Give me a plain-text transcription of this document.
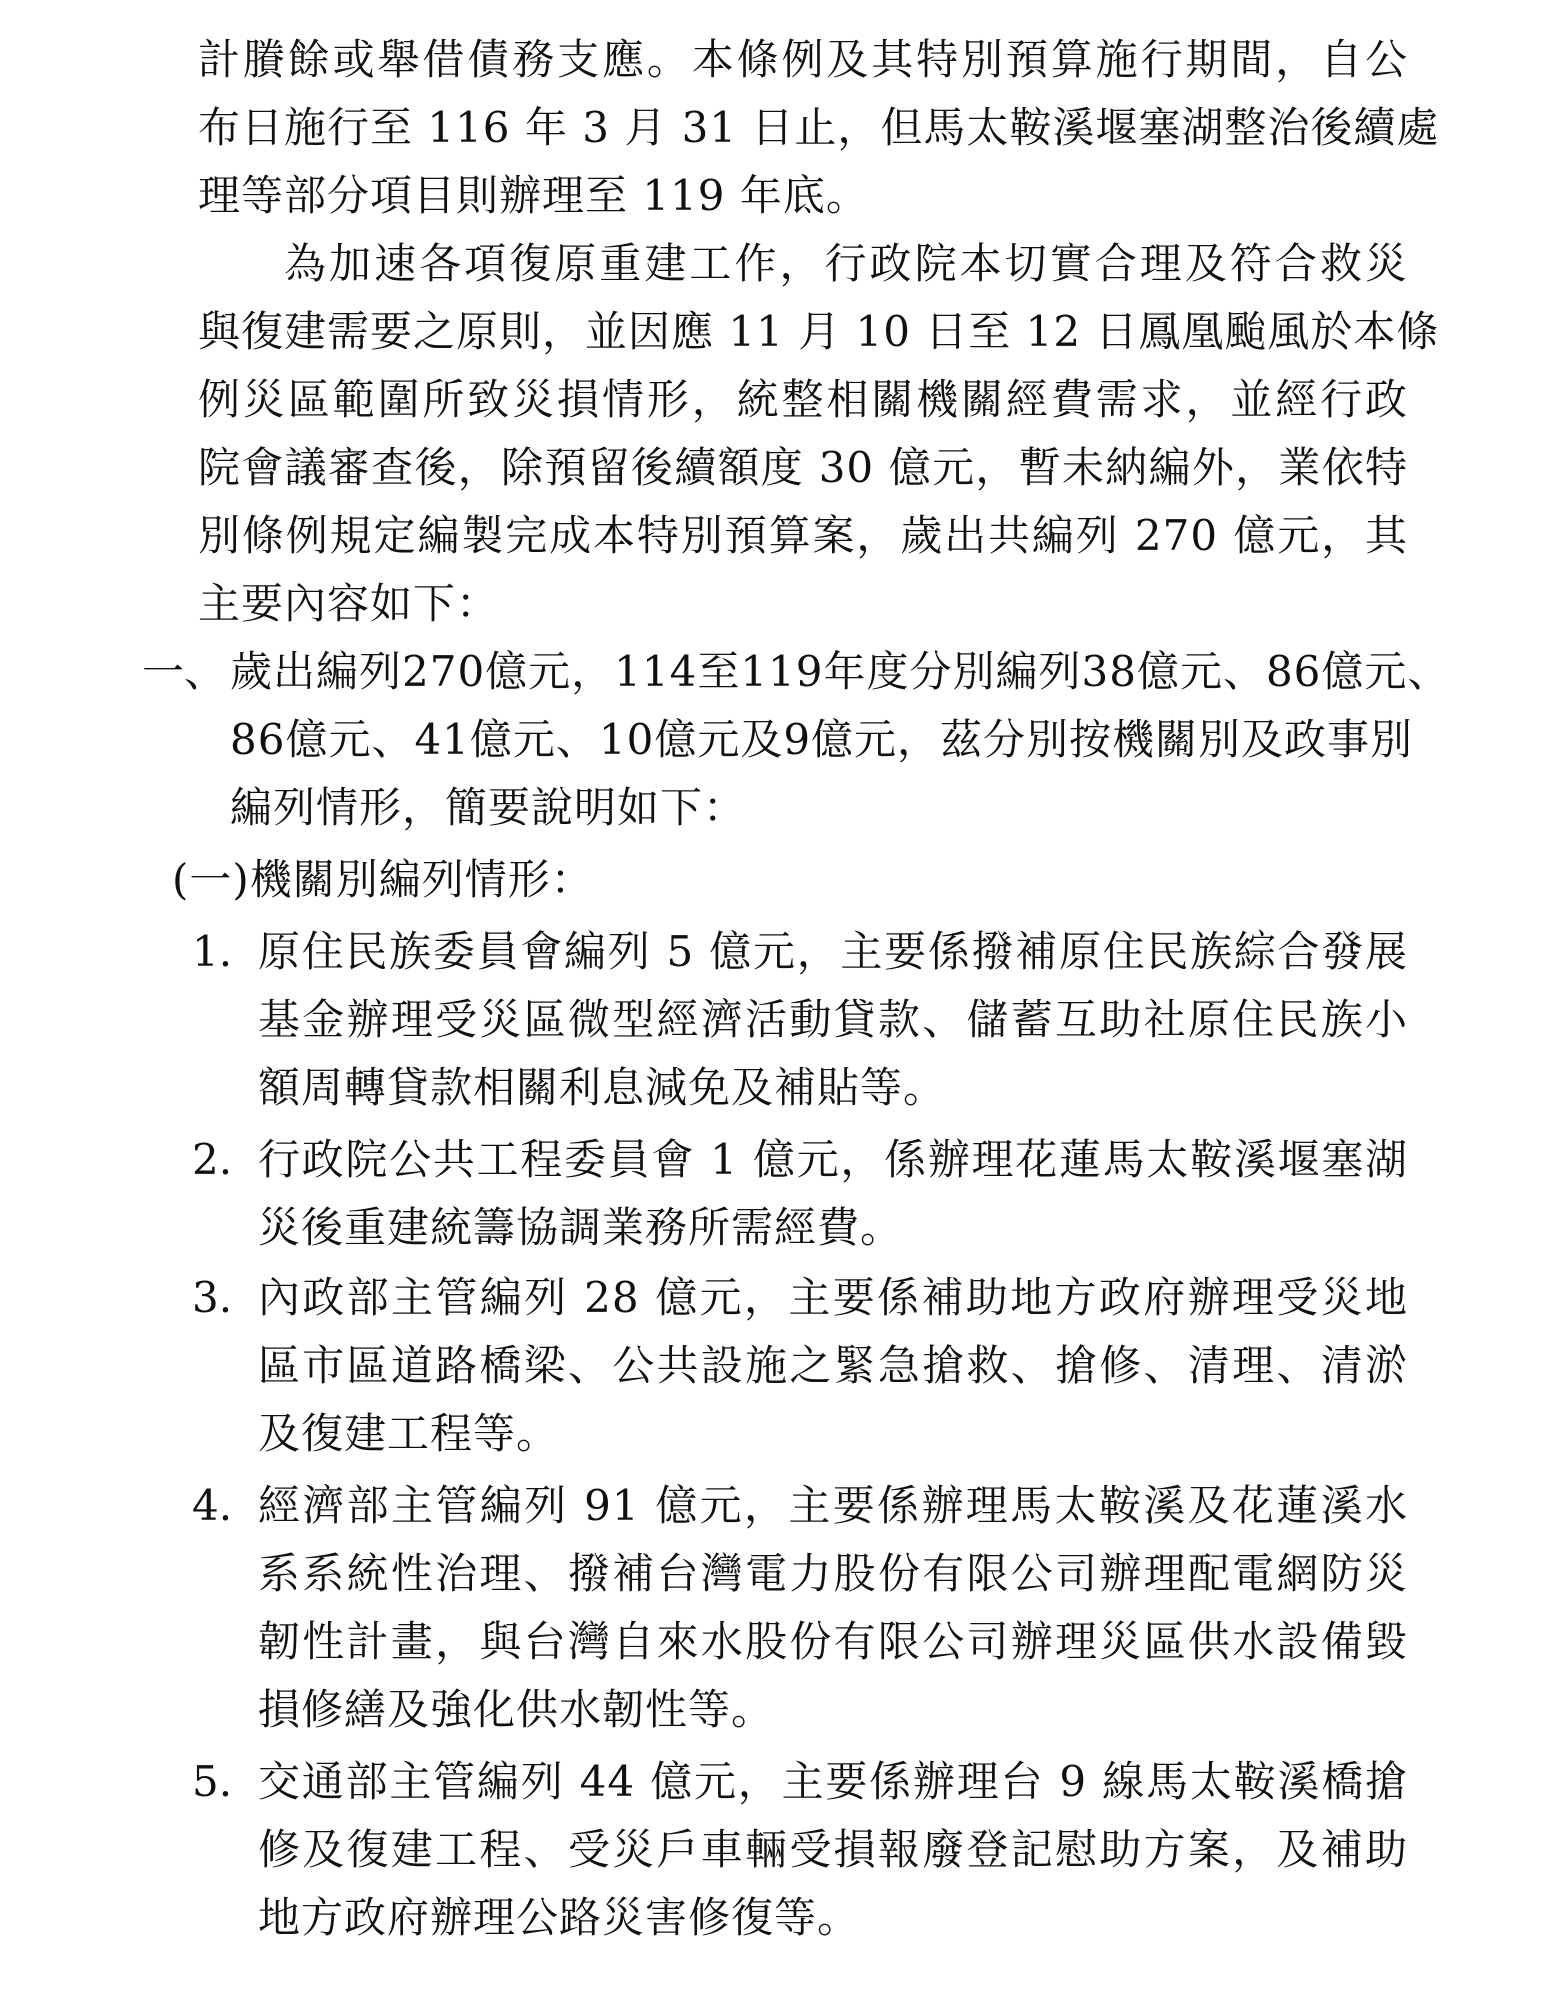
計賸餘或舉借債務支應。本條例及其特別預算施行期間，自公
布日施行至 116 年 3 月 31 日止，但馬太鞍溪堰塞湖整治後續處
理等部分項目則辦理至 119 年底。
為加速各項復原重建工作，行政院本切實合理及符合救災
與復建需要之原則，並因應 11 月 10 日至 12 日鳳凰颱風於本條
例災區範圍所致災損情形，統整相關機關經費需求，並經行政
院會議審查後，除預留後續額度 30 億元，暫未納編外，業依特
別條例規定編製完成本特別預算案，歲出共編列 270 億元，其
主要內容如下：
一、 歲出編列270億元，114至119年度分別編列38億元、86億元、
86億元、41億元、10億元及9億元，茲分別按機關別及政事別
編列情形，簡要說明如下：
(一)機關別編列情形：
1. 原住民族委員會編列 5 億元，主要係撥補原住民族綜合發展
基金辦理受災區微型經濟活動貸款、儲蓄互助社原住民族小
額周轉貸款相關利息減免及補貼等。
2. 行政院公共工程委員會 1 億元，係辦理花蓮馬太鞍溪堰塞湖
災後重建統籌協調業務所需經費。
3. 內政部主管編列 28 億元，主要係補助地方政府辦理受災地
區市區道路橋梁、公共設施之緊急搶救、搶修、清理、清淤
及復建工程等。
4. 經濟部主管編列 91 億元，主要係辦理馬太鞍溪及花蓮溪水
系系統性治理、撥補台灣電力股份有限公司辦理配電網防災
韌性計畫，與台灣自來水股份有限公司辦理災區供水設備毀
損修繕及強化供水韌性等。
5. 交通部主管編列 44 億元，主要係辦理台 9 線馬太鞍溪橋搶
修及復建工程、受災戶車輛受損報廢登記慰助方案，及補助
地方政府辦理公路災害修復等。
